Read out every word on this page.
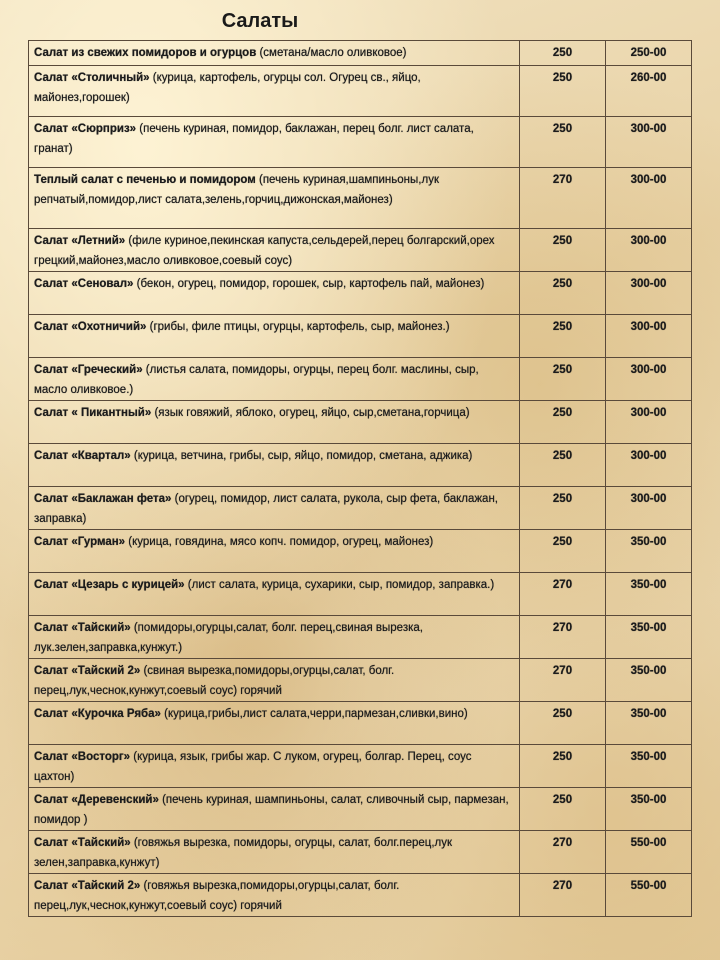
Салаты
Салат из свежих помидоров и огурцов (сметана/масло оливковое)	250	250-00
Салат «Столичный» (курица, картофель, огурцы сол. Огурец св., яйцо, майонез,горошек)	250	260-00
Салат «Сюрприз» (печень куриная, помидор, баклажан, перец болг. лист салата, гранат)	250	300-00
Теплый салат с печенью и помидором (печень куриная,шампиньоны,лук репчатый,помидор,лист салата,зелень,горчиц,дижонская,майонез)	270	300-00
Салат «Летний» (филе куриное,пекинская капуста,сельдерей,перец болгарский,орех грецкий,майонез,масло оливковое,соевый соус)	250	300-00
Салат «Сеновал» (бекон, огурец, помидор, горошек, сыр, картофель пай, майонез)	250	300-00
Салат «Охотничий» (грибы, филе птицы, огурцы, картофель, сыр, майонез.)	250	300-00
Салат «Греческий» (листья салата, помидоры, огурцы, перец болг. маслины, сыр, масло оливковое.)	250	300-00
Салат « Пикантный» (язык говяжий, яблоко, огурец, яйцо, сыр,сметана,горчица)	250	300-00
Салат «Квартал» (курица, ветчина, грибы, сыр, яйцо, помидор, сметана, аджика)	250	300-00
Салат «Баклажан фета» (огурец, помидор, лист салата, рукола, сыр фета, баклажан, заправка)	250	300-00
Салат «Гурман» (курица, говядина, мясо копч. помидор, огурец, майонез)	250	350-00
Салат «Цезарь с курицей» (лист салата, курица, сухарики, сыр, помидор, заправка.)	270	350-00
Салат «Тайский» (помидоры,огурцы,салат, болг. перец,свиная вырезка, лук.зелен,заправка,кунжут.)	270	350-00
Салат «Тайский 2» (свиная вырезка,помидоры,огурцы,салат, болг. перец,лук,чеснок,кунжут,соевый соус) горячий	270	350-00
Салат «Курочка Ряба» (курица,грибы,лист салата,черри,пармезан,сливки,вино)	250	350-00
Салат «Восторг» (курица, язык, грибы жар. С луком, огурец, болгар. Перец, соус цахтон)	250	350-00
Салат «Деревенский» (печень куриная, шампиньоны, салат, сливочный сыр, пармезан, помидор )	250	350-00
Салат «Тайский» (говяжья вырезка, помидоры, огурцы, салат, болг.перец,лук зелен,заправка,кунжут)	270	550-00
Салат «Тайский 2» (говяжья вырезка,помидоры,огурцы,салат, болг. перец,лук,чеснок,кунжут,соевый соус) горячий	270	550-00
